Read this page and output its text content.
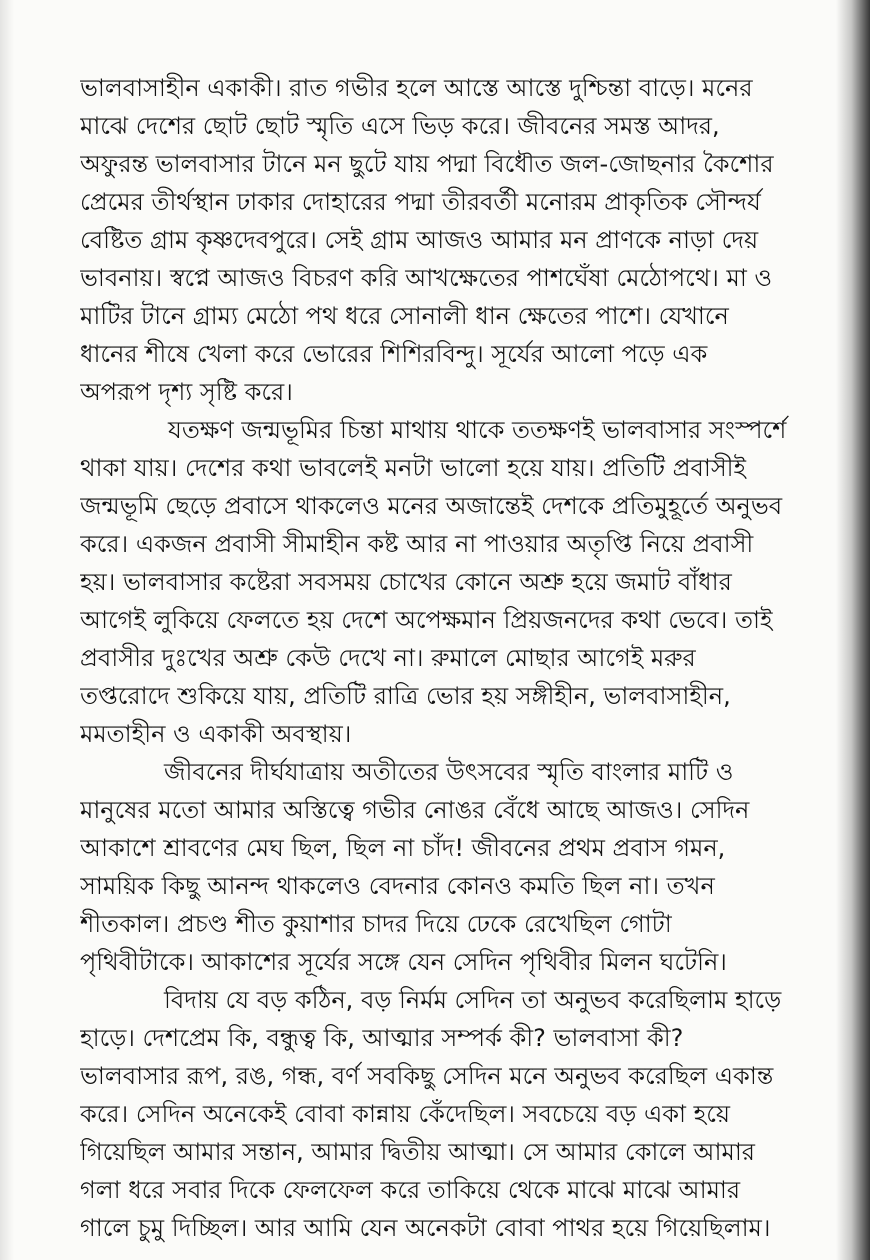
ভালবাসাহীন একাকী। রাত গভীর হলে আস্তে আস্তে দুশ্চিন্তা বাড়ে। মনের
মাঝে দেশের ছোট ছোট স্মৃতি এসে ভিড় করে। জীবনের সমস্ত আদর,
অফুরন্ত ভালবাসার টানে মন ছুটে যায় পদ্মা বিধৌত জল-জোছনার কৈশোর
প্রেমের তীর্থস্থান ঢাকার দোহারের পদ্মা তীরবর্তী মনোরম প্রাকৃতিক সৌন্দর্য
বেষ্টিত গ্রাম কৃষ্ণদেবপুরে। সেই গ্রাম আজও আমার মন প্রাণকে নাড়া দেয়
ভাবনায়। স্বপ্নে আজও বিচরণ করি আখক্ষেতের পাশঘেঁষা মেঠোপথে। মা ও
মাটির টানে গ্রাম্য মেঠো পথ ধরে সোনালী ধান ক্ষেতের পাশে। যেখানে
ধানের শীষে খেলা করে ভোরের শিশিরবিন্দু। সূর্যের আলো পড়ে এক
অপরূপ দৃশ্য সৃষ্টি করে।
যতক্ষণ জন্মভূমির চিন্তা মাথায় থাকে ততক্ষণই ভালবাসার সংস্পর্শে
থাকা যায়। দেশের কথা ভাবলেই মনটা ভালো হয়ে যায়। প্রতিটি প্রবাসীই
জন্মভূমি ছেড়ে প্রবাসে থাকলেও মনের অজান্তেই দেশকে প্রতিমুহূর্তে অনুভব
করে। একজন প্রবাসী সীমাহীন কষ্ট আর না পাওয়ার অতৃপ্তি নিয়ে প্রবাসী
হয়। ভালবাসার কষ্টেরা সবসময় চোখের কোনে অশ্রু হয়ে জমাট বাঁধার
আগেই লুকিয়ে ফেলতে হয় দেশে অপেক্ষমান প্রিয়জনদের কথা ভেবে। তাই
প্রবাসীর দুঃখের অশ্রু কেউ দেখে না। রুমালে মোছার আগেই মরুর
তপ্তরোদে শুকিয়ে যায়, প্রতিটি রাত্রি ভোর হয় সঙ্গীহীন, ভালবাসাহীন,
মমতাহীন ও একাকী অবস্থায়।
জীবনের দীর্ঘযাত্রায় অতীতের উৎসবের স্মৃতি বাংলার মাটি ও
মানুষের মতো আমার অস্তিত্বে গভীর নোঙর বেঁধে আছে আজও। সেদিন
আকাশে শ্রাবণের মেঘ ছিল, ছিল না চাঁদ! জীবনের প্রথম প্রবাস গমন,
সাময়িক কিছু আনন্দ থাকলেও বেদনার কোনও কমতি ছিল না। তখন
শীতকাল। প্রচণ্ড শীত কুয়াশার চাদর দিয়ে ঢেকে রেখেছিল গোটা
পৃথিবীটাকে। আকাশের সূর্যের সঙ্গে যেন সেদিন পৃথিবীর মিলন ঘটেনি।
বিদায় যে বড় কঠিন, বড় নির্মম সেদিন তা অনুভব করেছিলাম হাড়ে
হাড়ে। দেশপ্রেম কি, বন্ধুত্ব কি, আত্মার সম্পর্ক কী? ভালবাসা কী?
ভালবাসার রূপ, রঙ, গন্ধ, বর্ণ সবকিছু সেদিন মনে অনুভব করেছিল একান্ত
করে। সেদিন অনেকেই বোবা কান্নায় কেঁদেছিল। সবচেয়ে বড় একা হয়ে
গিয়েছিল আমার সন্তান, আমার দ্বিতীয় আত্মা। সে আমার কোলে আমার
গলা ধরে সবার দিকে ফেলফেল করে তাকিয়ে থেকে মাঝে মাঝে আমার
গালে চুমু দিচ্ছিল। আর আমি যেন অনেকটা বোবা পাথর হয়ে গিয়েছিলাম।
